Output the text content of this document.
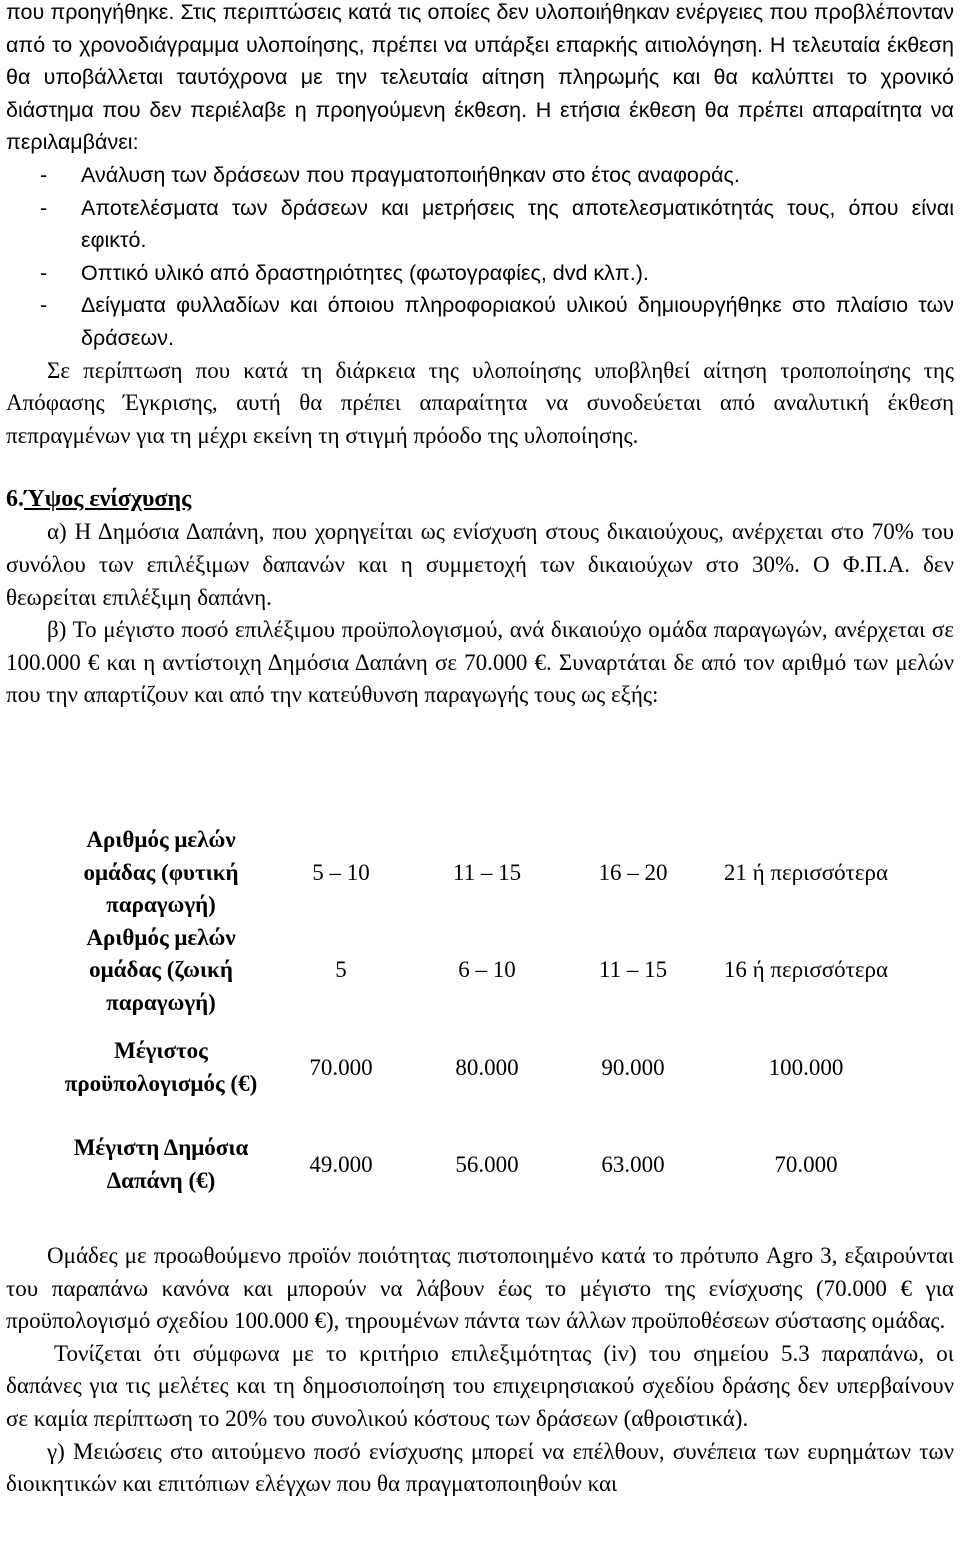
που προηγήθηκε. Στις περιπτώσεις κατά τις οποίες δεν υλοποιήθηκαν ενέργειες που προβλέπονταν από το χρονοδιάγραμμα υλοποίησης, πρέπει να υπάρξει επαρκής αιτιολόγηση. Η τελευταία έκθεση θα υποβάλλεται ταυτόχρονα με την τελευταία αίτηση πληρωμής και θα καλύπτει το χρονικό διάστημα που δεν περιέλαβε η προηγούμενη έκθεση. Η ετήσια έκθεση θα πρέπει απαραίτητα να περιλαμβάνει:

- Ανάλυση των δράσεων που πραγματοποιήθηκαν στο έτος αναφοράς.
- Αποτελέσματα των δράσεων και μετρήσεις της αποτελεσματικότητάς τους, όπου είναι εφικτό.
- Οπτικό υλικό από δραστηριότητες (φωτογραφίες, dvd κλπ.).
- Δείγματα φυλλαδίων και όποιου πληροφοριακού υλικού δημιουργήθηκε στο πλαίσιο των δράσεων.

Σε περίπτωση που κατά τη διάρκεια της υλοποίησης υποβληθεί αίτηση τροποποίησης της Απόφασης Έγκρισης, αυτή θα πρέπει απαραίτητα να συνοδεύεται από αναλυτική έκθεση πεπραγμένων για τη μέχρι εκείνη τη στιγμή πρόοδο της υλοποίησης.

6.Ύψος ενίσχυσης

α) Η Δημόσια Δαπάνη, που χορηγείται ως ενίσχυση στους δικαιούχους, ανέρχεται στο 70% του συνόλου των επιλέξιμων δαπανών και η συμμετοχή των δικαιούχων στο 30%. Ο Φ.Π.Α. δεν θεωρείται επιλέξιμη δαπάνη.

β) Το μέγιστο ποσό επιλέξιμου προϋπολογισμού, ανά δικαιούχο ομάδα παραγωγών, ανέρχεται σε 100.000 € και η αντίστοιχη Δημόσια Δαπάνη σε 70.000 €. Συναρτάται δε από τον αριθμό των μελών που την απαρτίζουν και από την κατεύθυνση παραγωγής τους ως εξής:

Αριθμός μελών ομάδας (φυτική παραγωγή)	5 – 10	11 – 15	16 – 20	21 ή περισσότερα
Αριθμός μελών ομάδας (ζωική παραγωγή)	5	6 – 10	11 – 15	16 ή περισσότερα
Μέγιστος προϋπολογισμός (€)	70.000	80.000	90.000	100.000
Μέγιστη Δημόσια Δαπάνη (€)	49.000	56.000	63.000	70.000

Ομάδες με προωθούμενο προϊόν ποιότητας πιστοποιημένο κατά το πρότυπο Agro 3, εξαιρούνται του παραπάνω κανόνα και μπορούν να λάβουν έως το μέγιστο της ενίσχυσης (70.000 € για προϋπολογισμό σχεδίου 100.000 €), τηρουμένων πάντα των άλλων προϋποθέσεων σύστασης ομάδας.

Τονίζεται ότι σύμφωνα με το κριτήριο επιλεξιμότητας (iv) του σημείου 5.3 παραπάνω, οι δαπάνες για τις μελέτες και τη δημοσιοποίηση του επιχειρησιακού σχεδίου δράσης δεν υπερβαίνουν σε καμία περίπτωση το 20% του συνολικού κόστους των δράσεων (αθροιστικά).

γ) Μειώσεις στο αιτούμενο ποσό ενίσχυσης μπορεί να επέλθουν, συνέπεια των ευρημάτων των διοικητικών και επιτόπιων ελέγχων που θα πραγματοποιηθούν και
